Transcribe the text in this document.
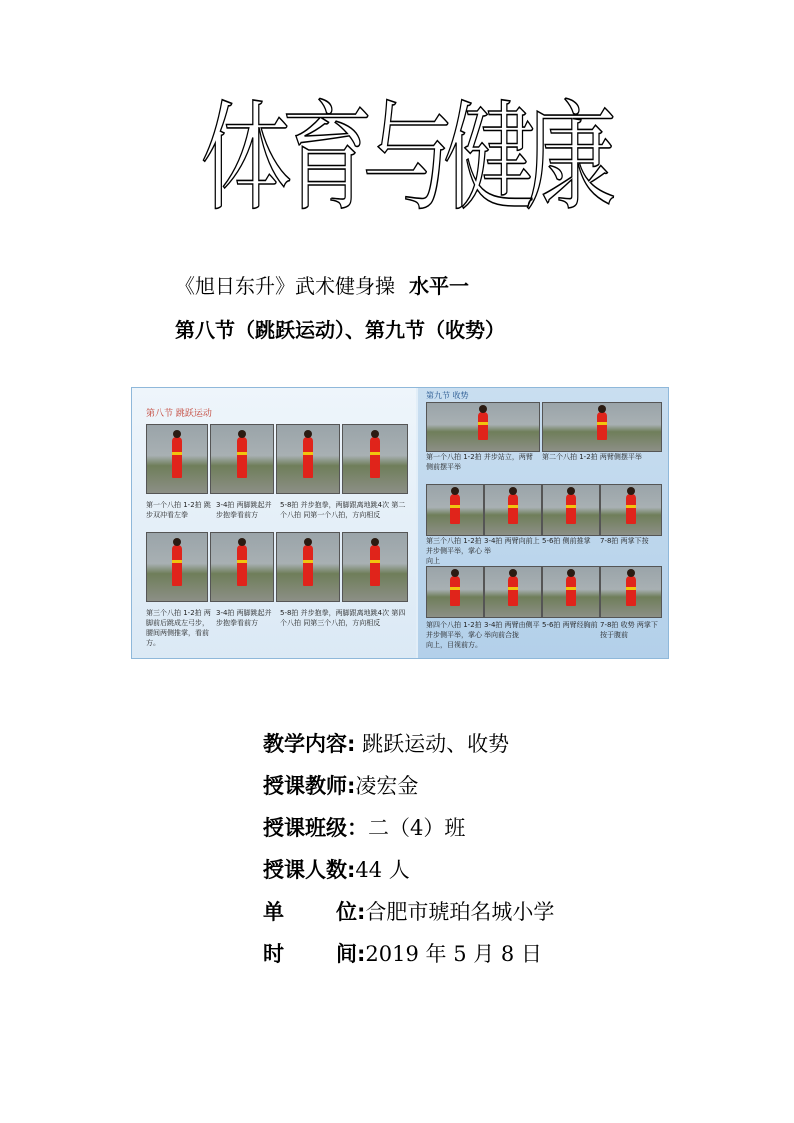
体育与健康
《旭日东升》武术健身操 水平一
第八节（跳跃运动）、第九节（收势）
第八节 跳跃运动
第一个八拍 1-2拍 跳步双冲看左拳
3-4拍 两脚跳起并步抱拳看前方
5-8拍 并步抱拳，两脚跟离地跳4次 第二个八拍 同第一个八拍，方向相反
第三个八拍 1-2拍 两脚前后跳成左弓步，腰间两侧推掌，看前方。
3-4拍 两脚跳起并步抱拳看前方
5-8拍 并步抱拳，两脚跟离地跳4次 第四个八拍 同第三个八拍，方向相反
第九节 收势
第一个八拍 1-2拍 并步站立，两臂侧前摆平举
第二个八拍 1-2拍 两臂侧摆平举
第三个八拍 1-2拍 并步侧平举，掌心向上
3-4拍 两臂向前上举
5-6拍 侧前推掌	7-8拍 两掌下按
第四个八拍 1-2拍 并步侧平举，掌心向上，目视前方。
3-4拍 两臂由侧平举向前合拢
5-6拍 两臂经胸前 7-8拍 收势 两掌下按于腹前
教学内容: 跳跃运动、收势
授课教师:凌宏金
授课班级：二（4）班
授课人数:44 人
单 位:合肥市琥珀名城小学
时 间:2019 年 5 月 8 日
